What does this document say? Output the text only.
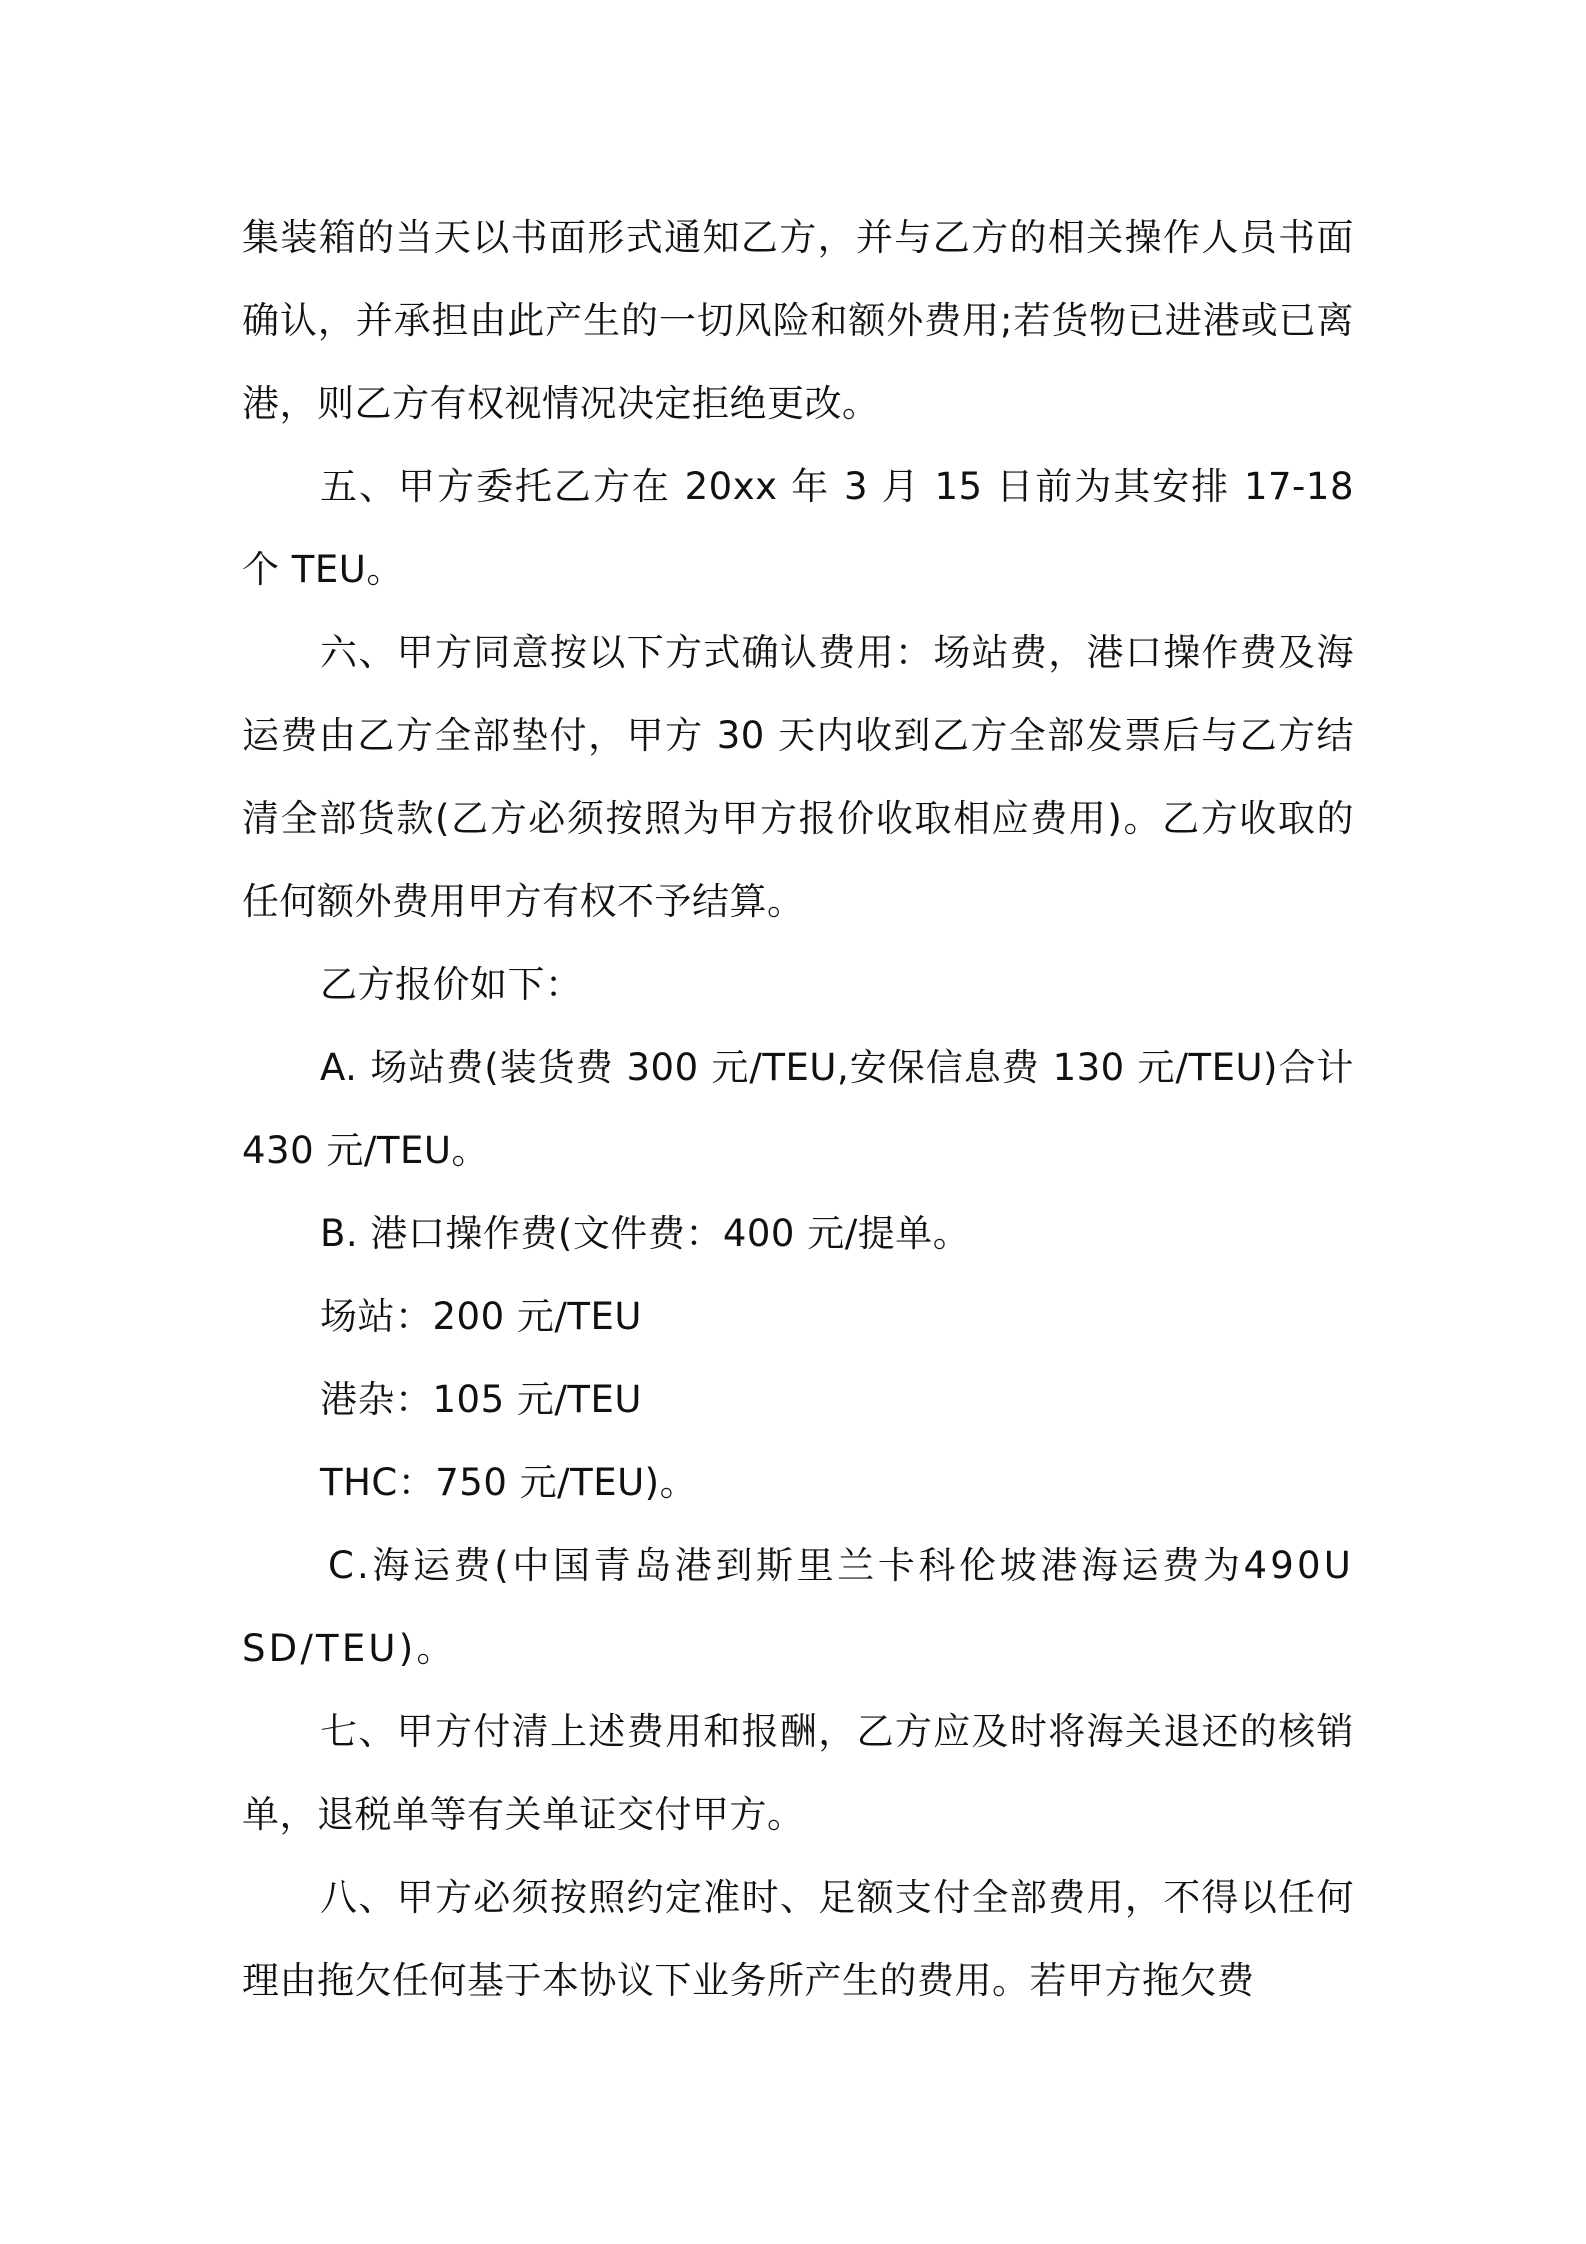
集装箱的当天以书面形式通知乙方，并与乙方的相关操作人员书面确认，并承担由此产生的一切风险和额外费用;若货物已进港或已离港，则乙方有权视情况决定拒绝更改。

五、甲方委托乙方在 20xx 年 3 月 15 日前为其安排 17-18 个 TEU。

六、甲方同意按以下方式确认费用：场站费，港口操作费及海运费由乙方全部垫付，甲方 30 天内收到乙方全部发票后与乙方结清全部货款(乙方必须按照为甲方报价收取相应费用)。乙方收取的任何额外费用甲方有权不予结算。

乙方报价如下：

A. 场站费(装货费 300 元/TEU,安保信息费 130 元/TEU)合计 430 元/TEU。

B. 港口操作费(文件费：400 元/提单。

场站：200 元/TEU

港杂：105 元/TEU

THC：750 元/TEU)。

C.海运费(中国青岛港到斯里兰卡科伦坡港海运费为490USD/TEU)。

七、甲方付清上述费用和报酬，乙方应及时将海关退还的核销单，退税单等有关单证交付甲方。

八、甲方必须按照约定准时、足额支付全部费用，不得以任何理由拖欠任何基于本协议下业务所产生的费用。若甲方拖欠费
